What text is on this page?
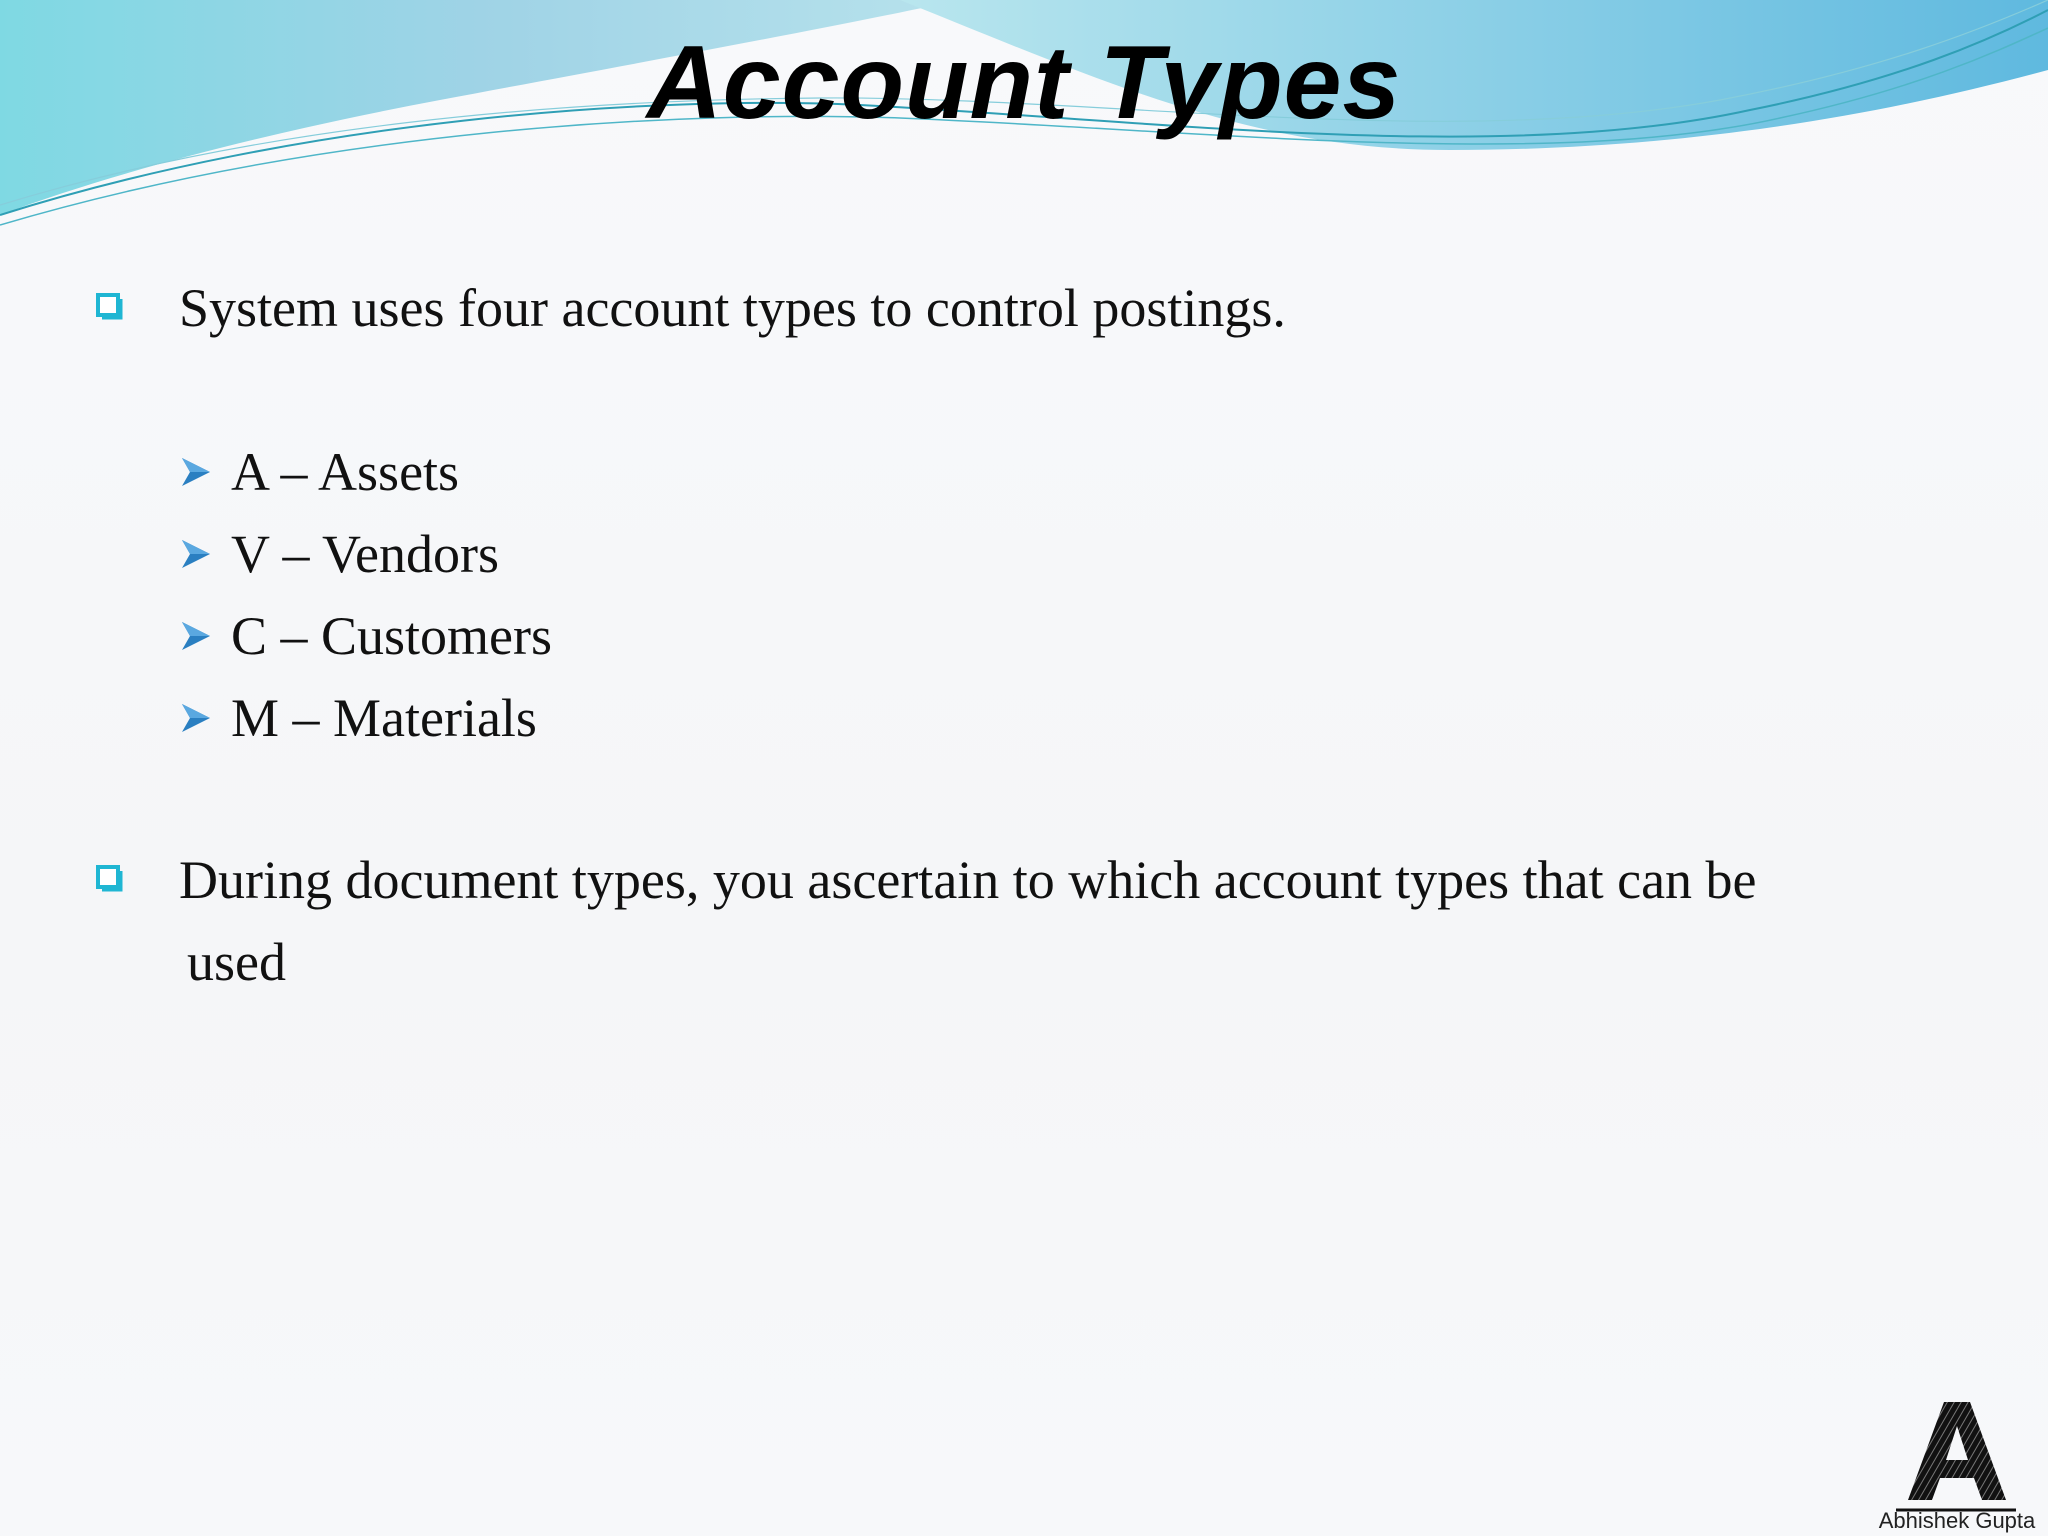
Account Types
System uses four account types to control postings.
A – Assets
V – Vendors
C – Customers
M – Materials
During document types, you ascertain to which account types that can be
used
Abhishek Gupta
